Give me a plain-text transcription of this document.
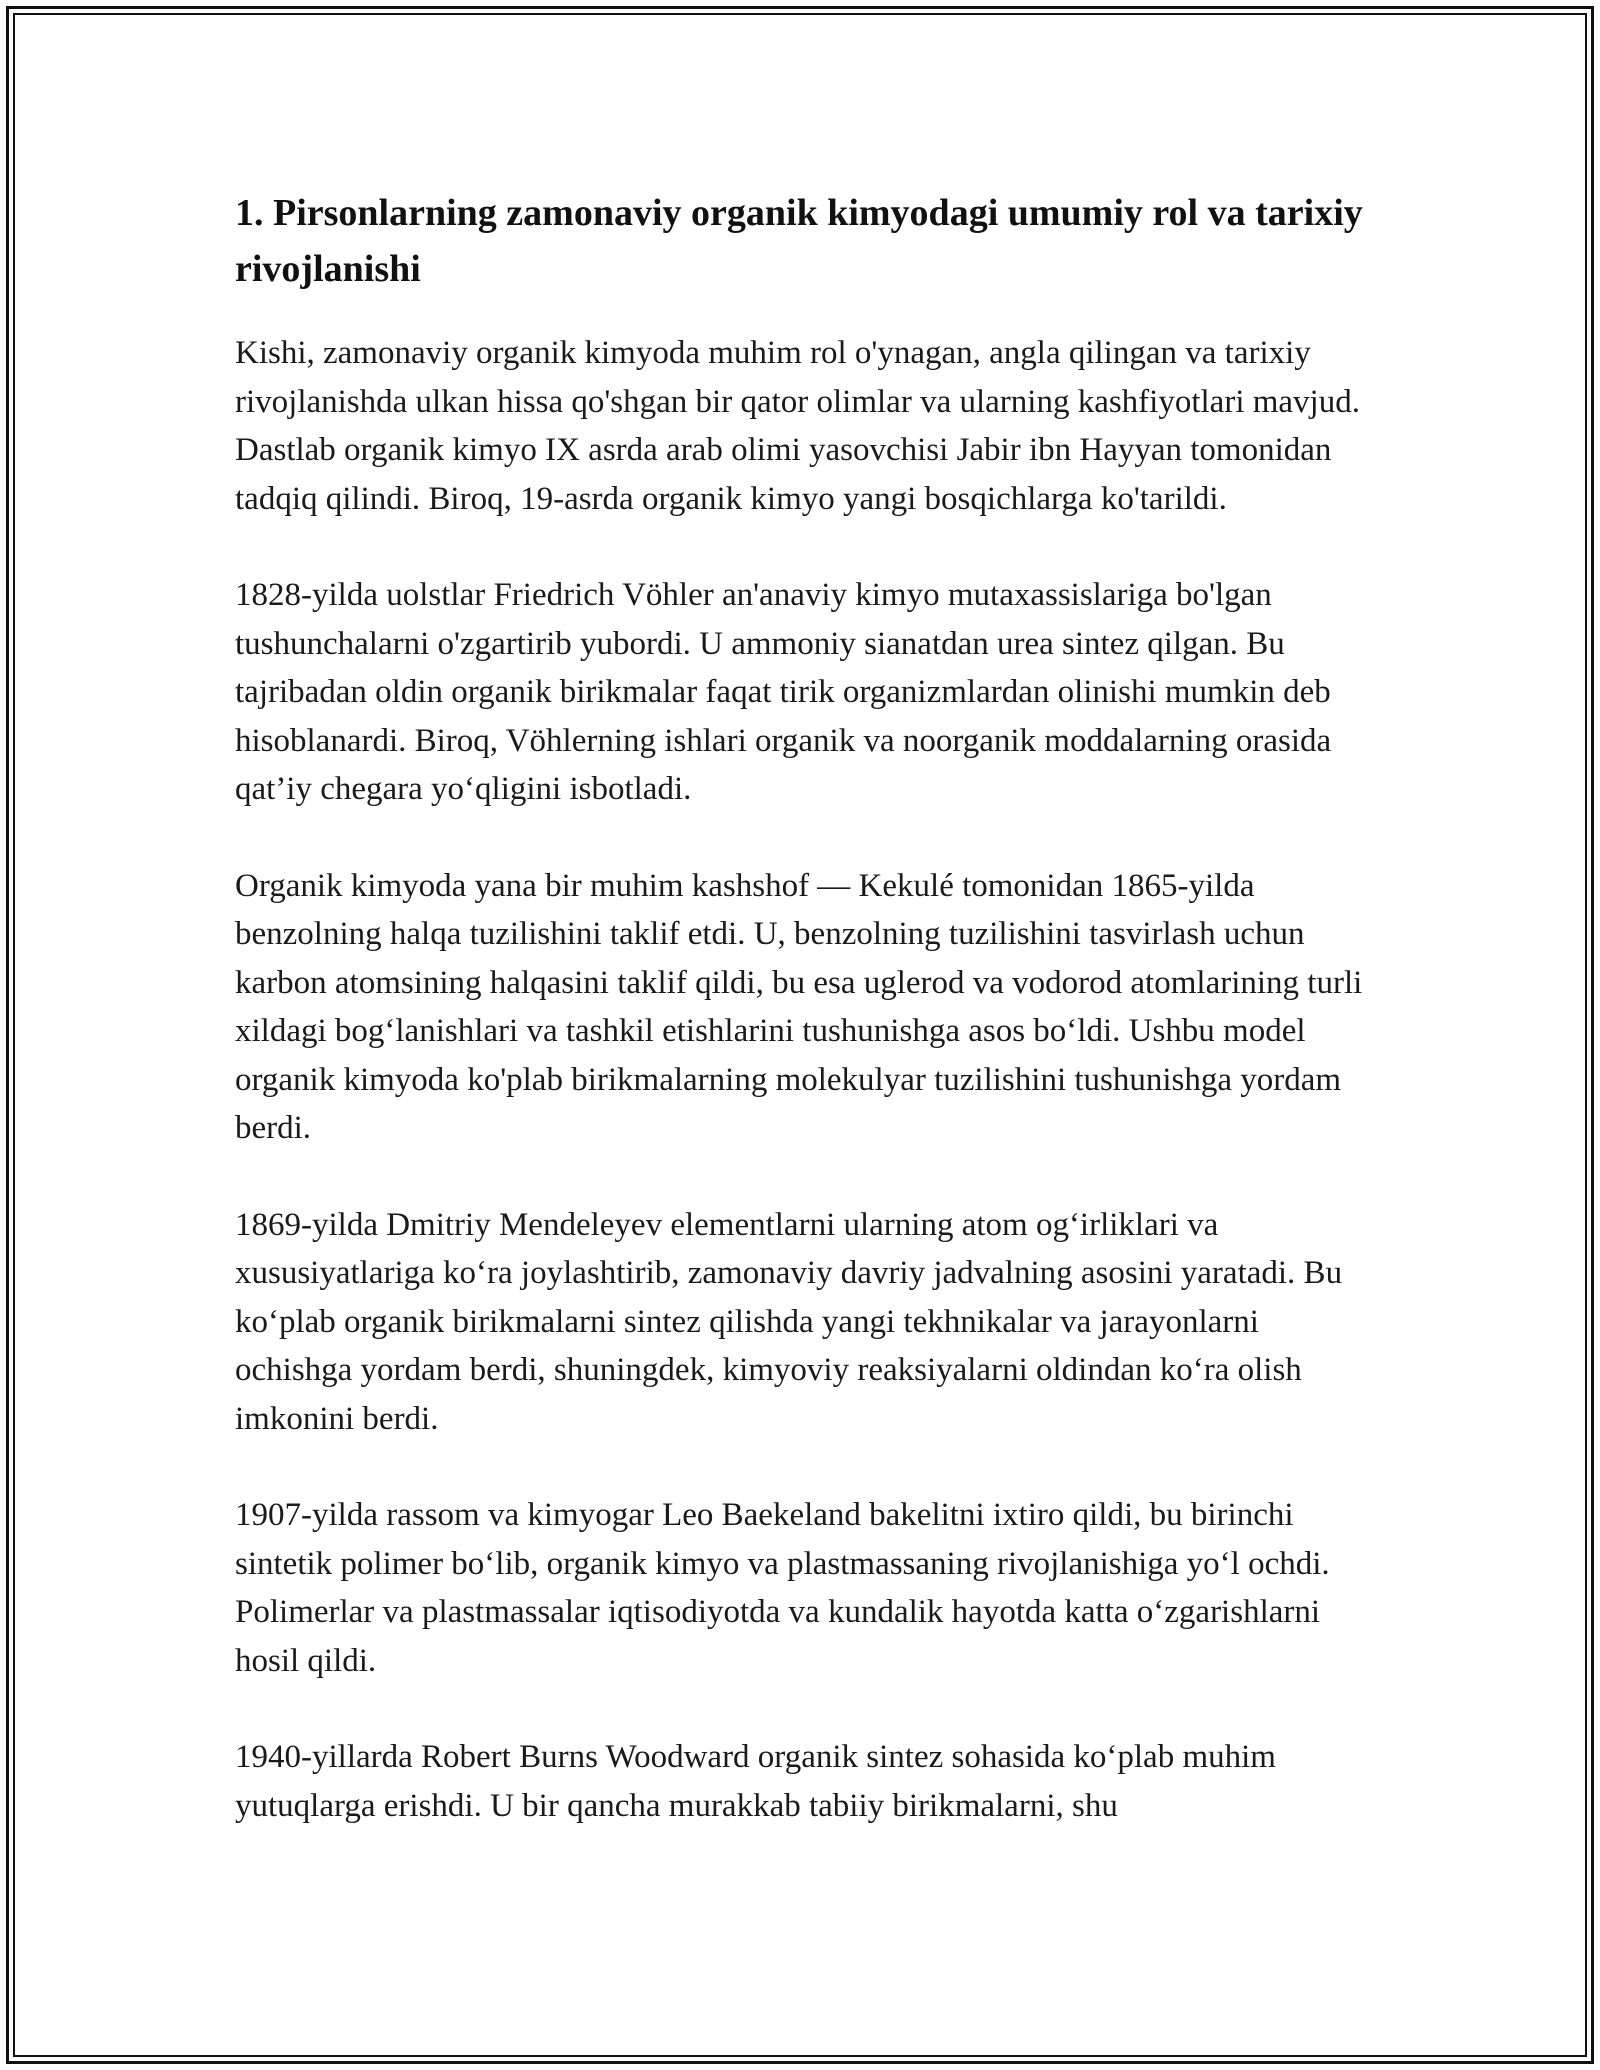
1. Pirsonlarning zamonaviy organik kimyodagi umumiy rol va tarixiy rivojlanishi

Kishi, zamonaviy organik kimyoda muhim rol o'ynagan, angla qilingan va tarixiy rivojlanishda ulkan hissa qo'shgan bir qator olimlar va ularning kashfiyotlari mavjud. Dastlab organik kimyo IX asrda arab olimi yasovchisi Jabir ibn Hayyan tomonidan tadqiq qilindi. Biroq, 19-asrda organik kimyo yangi bosqichlarga ko'tarildi.

1828-yilda uolstlar Friedrich Vöhler an'anaviy kimyo mutaxassislariga bo'lgan tushunchalarni o'zgartirib yubordi. U ammoniy sianatdan urea sintez qilgan. Bu tajribadan oldin organik birikmalar faqat tirik organizmlardan olinishi mumkin deb hisoblanardi. Biroq, Vöhlerning ishlari organik va noorganik moddalarning orasida qat’iy chegara yo‘qligini isbotladi.

Organik kimyoda yana bir muhim kashshof — Kekulé tomonidan 1865-yilda benzolning halqa tuzilishini taklif etdi. U, benzolning tuzilishini tasvirlash uchun karbon atomsining halqasini taklif qildi, bu esa uglerod va vodorod atomlarining turli xildagi bog‘lanishlari va tashkil etishlarini tushunishga asos bo‘ldi. Ushbu model organik kimyoda ko'plab birikmalarning molekulyar tuzilishini tushunishga yordam berdi.

1869-yilda Dmitriy Mendeleyev elementlarni ularning atom og‘irliklari va xususiyatlariga ko‘ra joylashtirib, zamonaviy davriy jadvalning asosini yaratadi. Bu ko‘plab organik birikmalarni sintez qilishda yangi tekhnikalar va jarayonlarni ochishga yordam berdi, shuningdek, kimyoviy reaksiyalarni oldindan ko‘ra olish imkonini berdi.

1907-yilda rassom va kimyogar Leo Baekeland bakelitni ixtiro qildi, bu birinchi sintetik polimer bo‘lib, organik kimyo va plastmassaning rivojlanishiga yo‘l ochdi. Polimerlar va plastmassalar iqtisodiyotda va kundalik hayotda katta o‘zgarishlarni hosil qildi.

1940-yillarda Robert Burns Woodward organik sintez sohasida ko‘plab muhim yutuqlarga erishdi. U bir qancha murakkab tabiiy birikmalarni, shu
